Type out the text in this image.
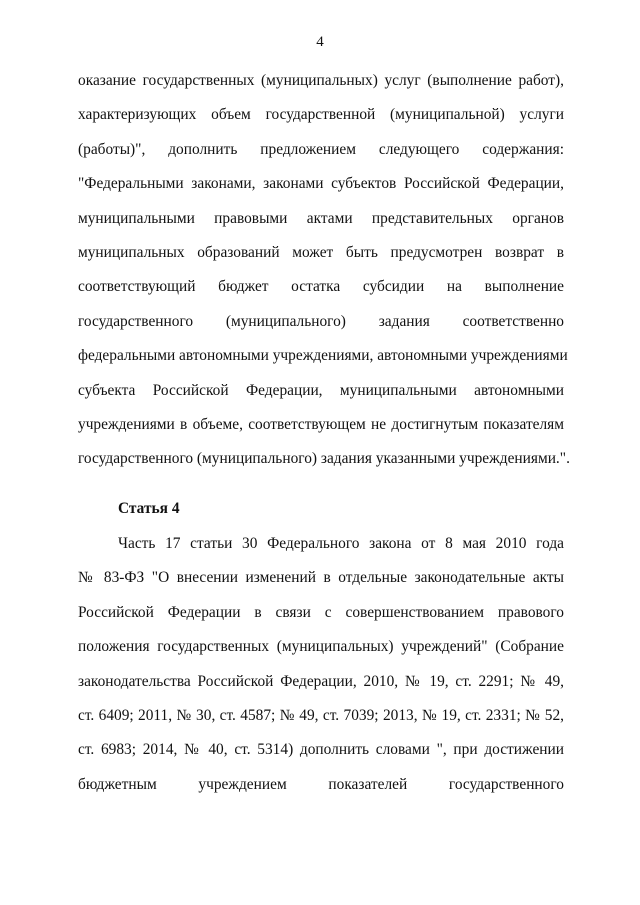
4
оказание государственных (муниципальных) услуг (выполнение работ),
характеризующих объем государственной (муниципальной) услуги
(работы)", дополнить предложением следующего содержания:
"Федеральными законами, законами субъектов Российской Федерации,
муниципальными правовыми актами представительных органов
муниципальных образований может быть предусмотрен возврат в
соответствующий бюджет остатка субсидии на выполнение
государственного (муниципального) задания соответственно
федеральными автономными учреждениями, автономными учреждениями
субъекта Российской Федерации, муниципальными автономными
учреждениями в объеме, соответствующем не достигнутым показателям
государственного (муниципального) задания указанными учреждениями.".
Статья 4
Часть 17 статьи 30 Федерального закона от 8 мая 2010 года
№ 83-ФЗ "О внесении изменений в отдельные законодательные акты
Российской Федерации в связи с совершенствованием правового
положения государственных (муниципальных) учреждений" (Собрание
законодательства Российской Федерации, 2010, № 19, ст. 2291; № 49,
ст. 6409; 2011, № 30, ст. 4587; № 49, ст. 7039; 2013, № 19, ст. 2331; № 52,
ст. 6983; 2014, № 40, ст. 5314) дополнить словами ", при достижении
бюджетным учреждением показателей государственного
